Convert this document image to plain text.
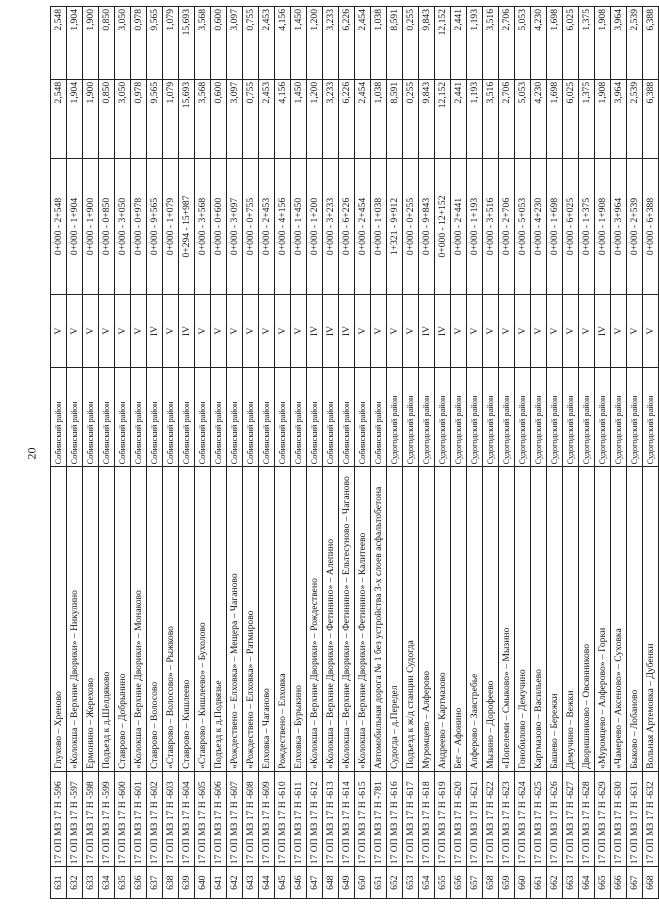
20
631	17 ОП МЗ 17 Н -596	Глухово – Хреново	Собинский район	V	0+000 - 2+548	2,548	2,548
632	17 ОП МЗ 17 Н -597	«Колокша – Верхние Дворики» – Никулино	Собинский район	V	0+000 - 1+904	1,904	1,904
633	17 ОП МЗ 17 Н -598	Ермонино – Жерехово	Собинский район	V	0+000 - 1+900	1,900	1,900
634	17 ОП МЗ 17 Н -599	Подъезд к д.Шелдяково	Собинский район	V	0+000 - 0+850	0,850	0,850
635	17 ОП МЗ 17 Н -600	Ставрово – Добрынино	Собинский район	V	0+000 - 3+050	3,050	3,050
636	17 ОП МЗ 17 Н -601	«Колокша – Верхние Дворики» – Монаково	Собинский район	V	0+000 - 0+978	0,978	0,978
637	17 ОП МЗ 17 Н -602	Ставрово – Волосово	Собинский район	IV	0+000 - 9+565	9,565	9,565
638	17 ОП МЗ 17 Н -603	«Ставрово – Волосово» – Рыжково	Собинский район	V	0+000 - 1+079	1,079	1,079
639	17 ОП МЗ 17 Н -604	Ставрово – Кишлеево	Собинский район	IV	0+294 - 15+987	15,693	15,693
640	17 ОП МЗ 17 Н -605	«Ставрово – Кишлеево» – Бухолово	Собинский район	V	0+000 - 3+568	3,568	3,568
641	17 ОП МЗ 17 Н -606	Подъезд к д.Подвязье	Собинский район	V	0+000 - 0+600	0,600	0,600
642	17 ОП МЗ 17 Н -607	«Рождествено – Елховка» – Мещера – Чаганово	Собинский район	V	0+000 - 3+097	3,097	3,097
643	17 ОП МЗ 17 Н -608	«Рождествено – Елховка» – Ратмирово	Собинский район	V	0+000 - 0+755	0,755	0,755
644	17 ОП МЗ 17 Н -609	Елховка – Чаганово	Собинский район	V	0+000 - 2+453	2,453	2,453
645	17 ОП МЗ 17 Н -610	Рождествено – Елховка	Собинский район	V	0+000 - 4+156	4,156	4,156
646	17 ОП МЗ 17 Н -611	Елховка – Бурыкино	Собинский район	V	0+000 - 1+450	1,450	1,450
647	17 ОП МЗ 17 Н -612	«Колокша – Верхние Дворики» – Рождествено	Собинский район	IV	0+000 - 1+200	1,200	1,200
648	17 ОП МЗ 17 Н -613	«Колокша – Верхние Дворики» – Фетинино» – Алепино	Собинский район	IV	0+000 - 3+233	3,233	3,233
649	17 ОП МЗ 17 Н -614	«Колокша – Верхние Дворики» – Фетинино» – Ельтесуново – Чаганово	Собинский район	IV	0+000 - 6+226	6,226	6,226
650	17 ОП МЗ 17 Н -615	«Колокша – Верхние Дворики» – Фетинино» – Калитеево	Собинский район	V	0+000 - 2+454	2,454	2,454
651	17 ОП МЗ 17 Н -781	Автомобильная дорога № 1 без устройства 3-х слоев асфальтобетона	Собинский район	V	0+000 - 1+038	1,038	1,038
652	17 ОП МЗ 17 Н -616	Судогда – д.Передел	Судогодский район	V	1+321 - 9+912	8,591	8,591
653	17 ОП МЗ 17 Н -617	Подъезд к ж/д станции Судогда	Судогодский район	V	0+000 - 0+255	0,255	0,255
654	17 ОП МЗ 17 Н -618	Муромцево – Алферово	Судогодский район	IV	0+000 - 9+843	9,843	9,843
655	17 ОП МЗ 17 Н -619	Андреево – Картмазово	Судогодский район	IV	0+000 - 12+152	12,152	12,152
656	17 ОП МЗ 17 Н -620	Бег – Афонино	Судогодский район	V	0+000 - 2+441	2,441	2,441
657	17 ОП МЗ 17 Н -621	Алферово – Заястребье	Судогодский район	V	0+000 - 1+193	1,193	1,193
658	17 ОП МЗ 17 Н -622	Мызино – Дорофеево	Судогодский район	V	0+000 - 3+516	3,516	3,516
659	17 ОП МЗ 17 Н -623	«Попелеми – Смыково» – Мызино	Судогодский район	V	0+000 - 2+706	2,706	2,706
660	17 ОП МЗ 17 Н -624	Гонобилово – Демучино	Судогодский район	V	0+000 - 5+053	5,053	5,053
661	17 ОП МЗ 17 Н -625	Картмазово – Васильево	Судогодский район	V	0+000 - 4+230	4,230	4,230
662	17 ОП МЗ 17 Н -626	Башево – Бережки	Судогодский район	V	0+000 - 1+698	1,698	1,698
663	17 ОП МЗ 17 Н -627	Демучино – Вежки	Судогодский район	V	0+000 - 6+025	6,025	6,025
664	17 ОП МЗ 17 Н -628	Дворишниково – Овсянниково	Судогодский район	V	0+000 - 1+375	1,375	1,375
665	17 ОП МЗ 17 Н -629	«Муромцево – Алферово» – Горки	Судогодский район	IV	0+000 - 1+908	1,908	1,908
666	17 ОП МЗ 17 Н -630	«Чамерево – Аксеново» – Суховка	Судогодский район	V	0+000 - 3+964	3,964	3,964
667	17 ОП МЗ 17 Н -631	Быково – Лобаново	Судогодский район	V	0+000 - 2+539	2,539	2,539
668	17 ОП МЗ 17 Н -632	Вольная Артемовка – Дубенки	Судогодский район	V	0+000 - 6+388	6,388	6,388
